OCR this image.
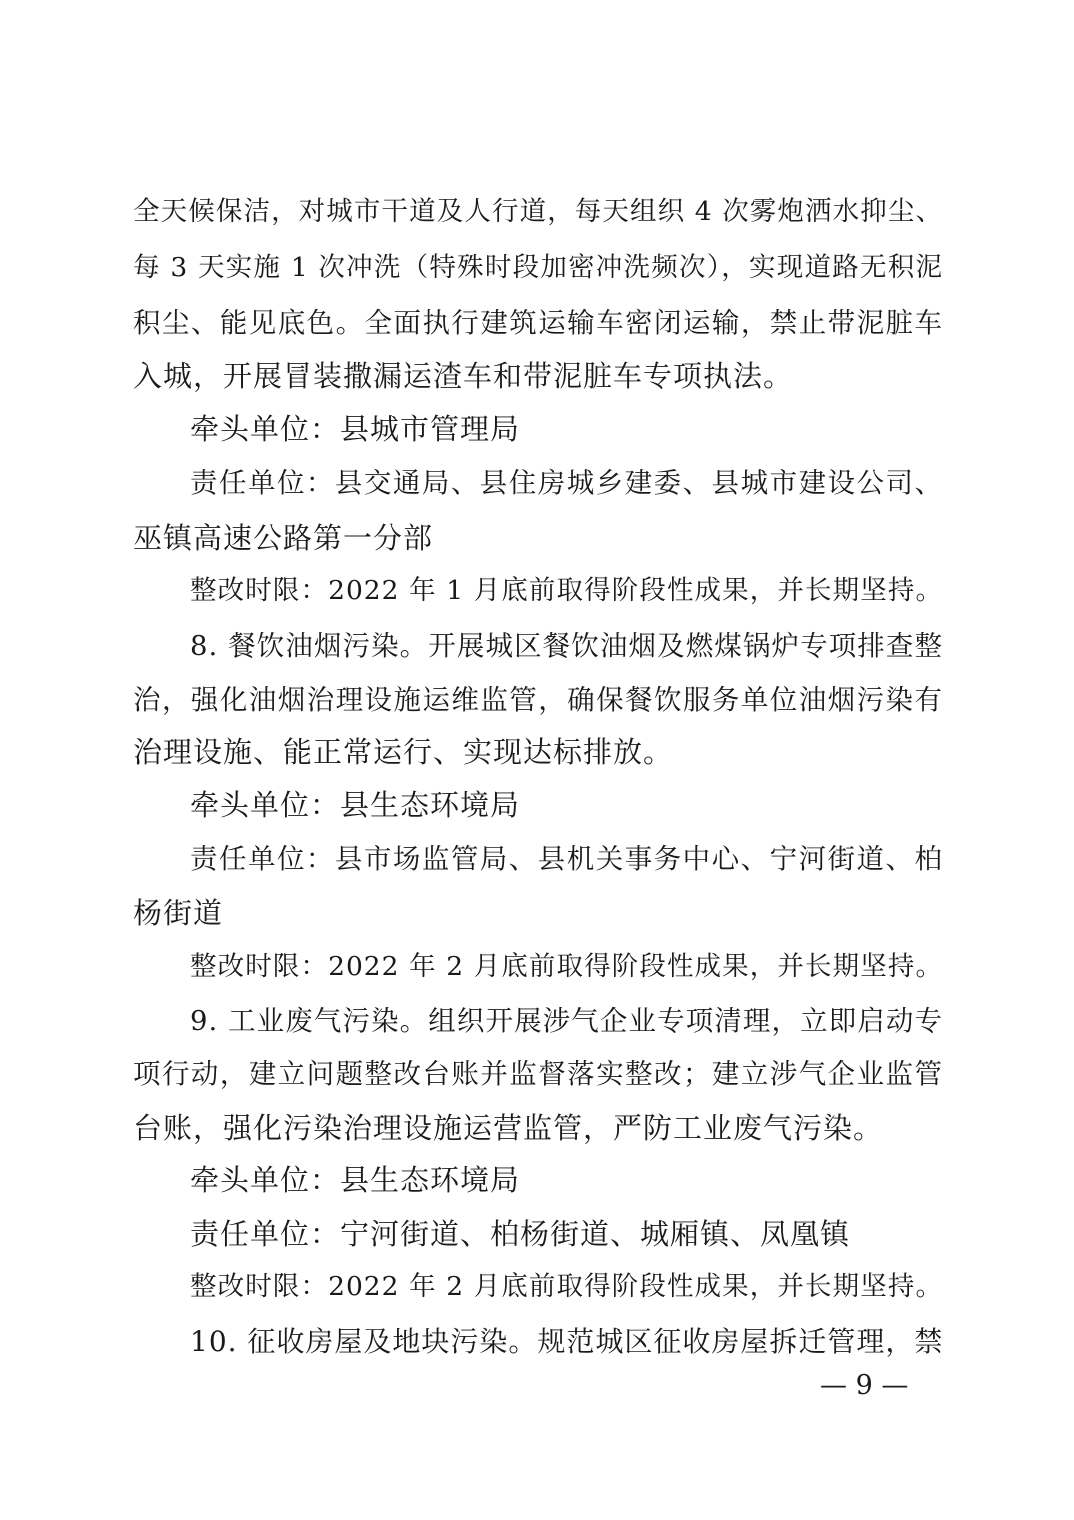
全天候保洁，对城市干道及人行道，每天组织 4 次雾炮洒水抑尘、
每 3 天实施 1 次冲洗（特殊时段加密冲洗频次），实现道路无积泥
积尘、能见底色。全面执行建筑运输车密闭运输，禁止带泥脏车
入城，开展冒装撒漏运渣车和带泥脏车专项执法。
牵头单位：县城市管理局
责任单位：县交通局、县住房城乡建委、县城市建设公司、
巫镇高速公路第一分部
整改时限：2022 年 1 月底前取得阶段性成果，并长期坚持。
8. 餐饮油烟污染。开展城区餐饮油烟及燃煤锅炉专项排查整
治，强化油烟治理设施运维监管，确保餐饮服务单位油烟污染有
治理设施、能正常运行、实现达标排放。
牵头单位：县生态环境局
责任单位：县市场监管局、县机关事务中心、宁河街道、柏
杨街道
整改时限：2022 年 2 月底前取得阶段性成果，并长期坚持。
9. 工业废气污染。组织开展涉气企业专项清理，立即启动专
项行动，建立问题整改台账并监督落实整改；建立涉气企业监管
台账，强化污染治理设施运营监管，严防工业废气污染。
牵头单位：县生态环境局
责任单位：宁河街道、柏杨街道、城厢镇、凤凰镇
整改时限：2022 年 2 月底前取得阶段性成果，并长期坚持。
10. 征收房屋及地块污染。规范城区征收房屋拆迁管理，禁
— 9 —
